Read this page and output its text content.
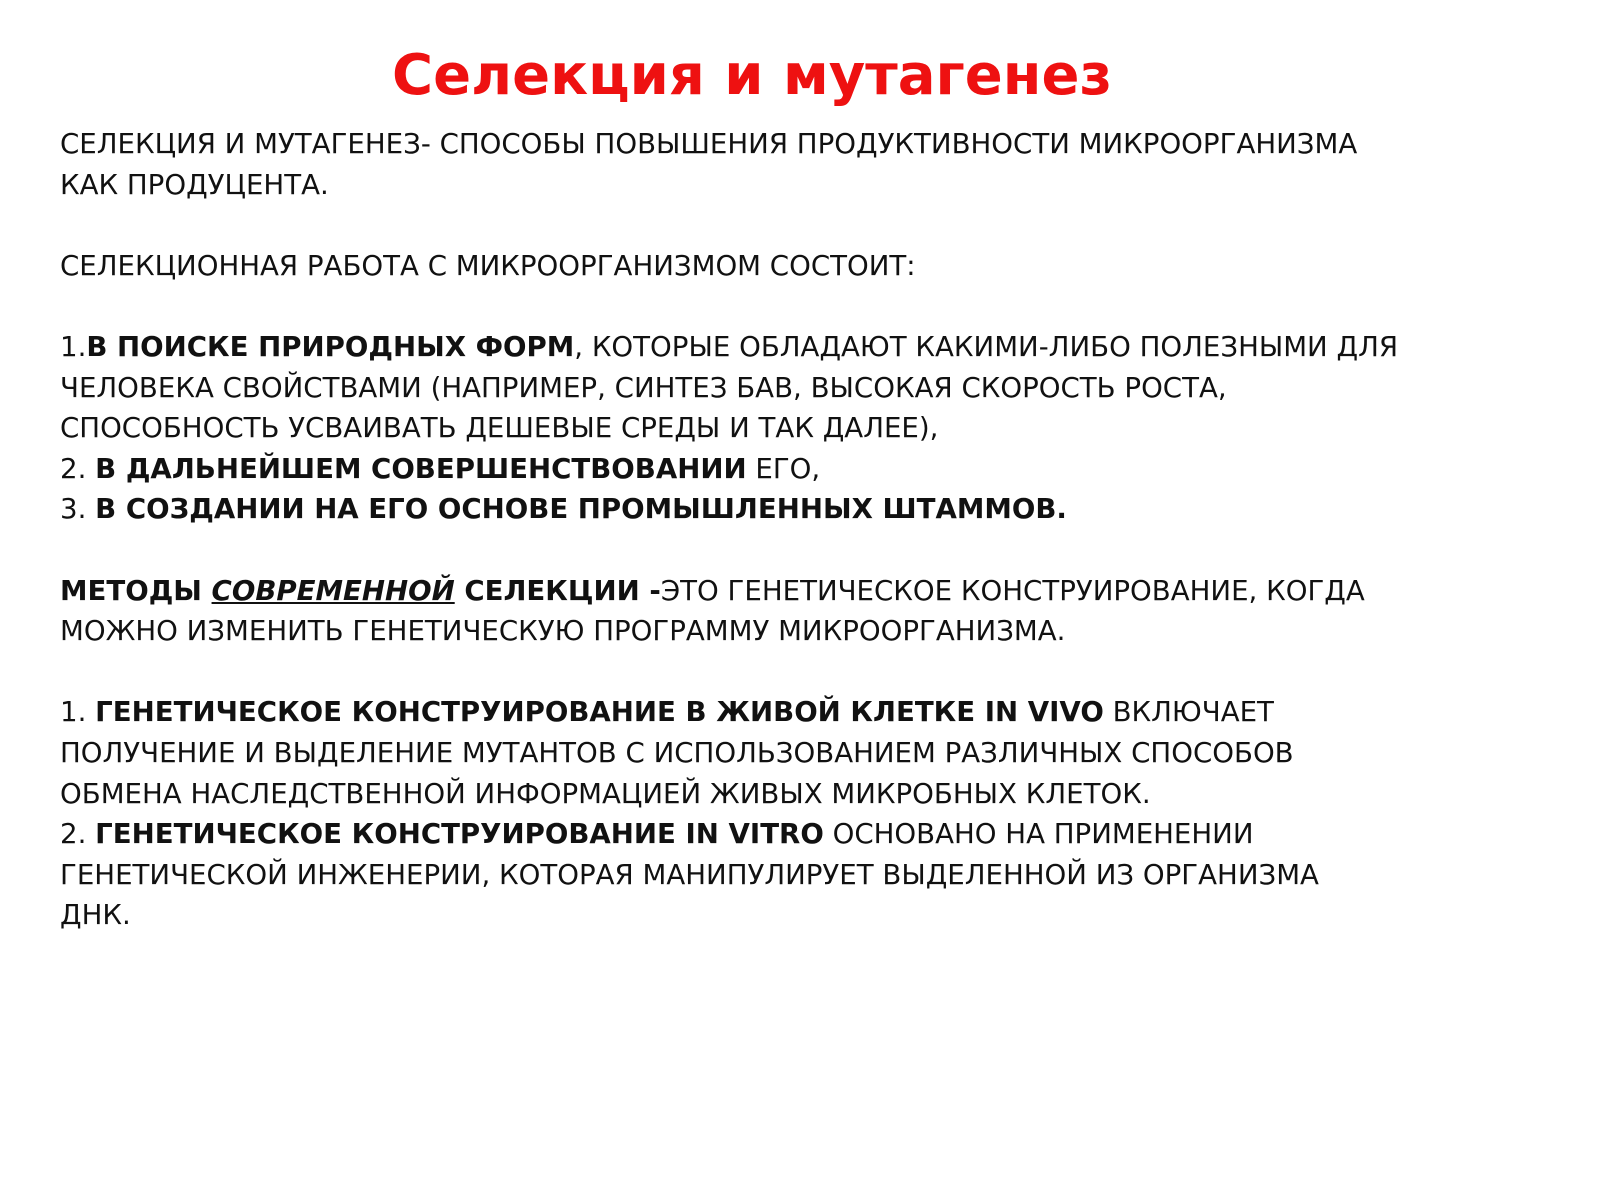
Селекция и мутагенез

СЕЛЕКЦИЯ И МУТАГЕНЕЗ- СПОСОБЫ ПОВЫШЕНИЯ ПРОДУКТИВНОСТИ МИКРООРГАНИЗМА

КАК ПРОДУЦЕНТА.

СЕЛЕКЦИОННАЯ РАБОТА С МИКРООРГАНИЗМОМ СОСТОИТ:

1.В ПОИСКЕ ПРИРОДНЫХ ФОРМ, КОТОРЫЕ ОБЛАДАЮТ КАКИМИ-ЛИБО ПОЛЕЗНЫМИ ДЛЯ

ЧЕЛОВЕКА СВОЙСТВАМИ (НАПРИМЕР, СИНТЕЗ БАВ, ВЫСОКАЯ СКОРОСТЬ РОСТА,

СПОСОБНОСТЬ УСВАИВАТЬ ДЕШЕВЫЕ СРЕДЫ И ТАК ДАЛЕЕ),

2. В ДАЛЬНЕЙШЕМ СОВЕРШЕНСТВОВАНИИ ЕГО,

3. В СОЗДАНИИ НА ЕГО ОСНОВЕ ПРОМЫШЛЕННЫХ ШТАММОВ.

МЕТОДЫ СОВРЕМЕННОЙ СЕЛЕКЦИИ -ЭТО ГЕНЕТИЧЕСКОЕ КОНСТРУИРОВАНИЕ, КОГДА

МОЖНО ИЗМЕНИТЬ ГЕНЕТИЧЕСКУЮ ПРОГРАММУ МИКРООРГАНИЗМА.

1. ГЕНЕТИЧЕСКОЕ КОНСТРУИРОВАНИЕ В ЖИВОЙ КЛЕТКЕ IN VIVO ВКЛЮЧАЕТ

ПОЛУЧЕНИЕ И ВЫДЕЛЕНИЕ МУТАНТОВ С ИСПОЛЬЗОВАНИЕМ РАЗЛИЧНЫХ СПОСОБОВ

ОБМЕНА НАСЛЕДСТВЕННОЙ ИНФОРМАЦИЕЙ ЖИВЫХ МИКРОБНЫХ КЛЕТОК.

2. ГЕНЕТИЧЕСКОЕ КОНСТРУИРОВАНИЕ IN VITRO ОСНОВАНО НА ПРИМЕНЕНИИ

ГЕНЕТИЧЕСКОЙ ИНЖЕНЕРИИ, КОТОРАЯ МАНИПУЛИРУЕТ ВЫДЕЛЕННОЙ ИЗ ОРГАНИЗМА

ДНК.
